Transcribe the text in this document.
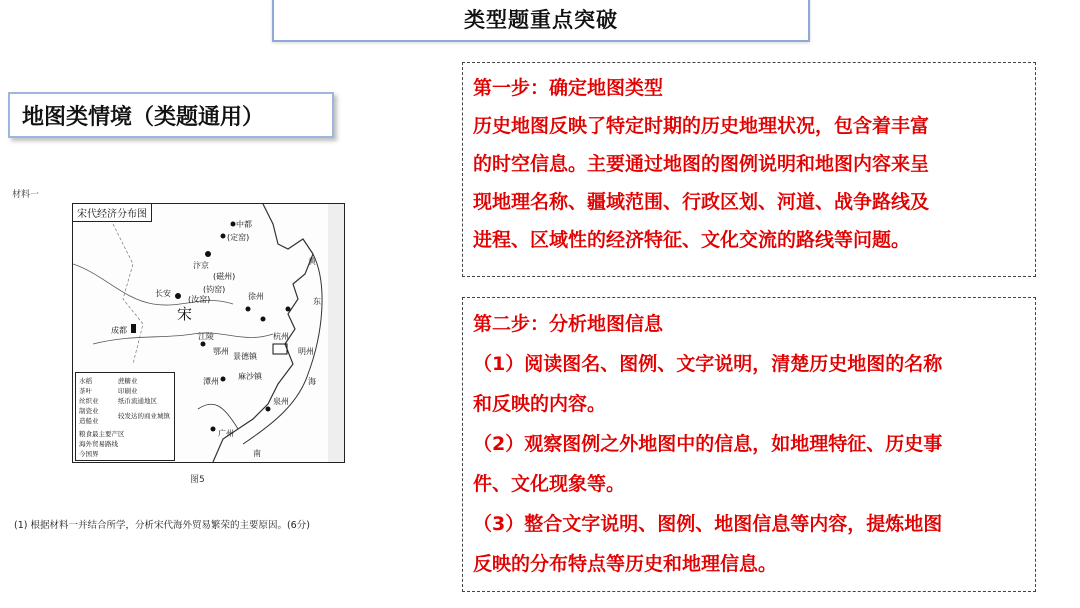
类型题重点突破
地图类情境（类题通用）
材料一
中都
(定窑)
汴京
(磁州)
(钧窑)
(汝窑)	徐州
长安
宋
成都
江陵
鄂州
景德镇
潭州
杭州
明州
麻沙镇
泉州
广州
黄
东
海
南
宋代经济分布图
水稻
茶叶
丝织业
制瓷业
造船业
蔗糖业
印刷业
纸币流通地区
较发达的商业城镇
粮食最主要产区
海外贸易路线
今国界
图5
(1) 根据材料一并结合所学，分析宋代海外贸易繁荣的主要原因。(6分)
第一步：确定地图类型
历史地图反映了特定时期的历史地理状况，包含着丰富
的时空信息。主要通过地图的图例说明和地图内容来呈
现地理名称、疆域范围、行政区划、河道、战争路线及
进程、区域性的经济特征、文化交流的路线等问题。
第二步：分析地图信息
（1）阅读图名、图例、文字说明，清楚历史地图的名称
和反映的内容。
（2）观察图例之外地图中的信息，如地理特征、历史事
件、文化现象等。
（3）整合文字说明、图例、地图信息等内容，提炼地图
反映的分布特点等历史和地理信息。
